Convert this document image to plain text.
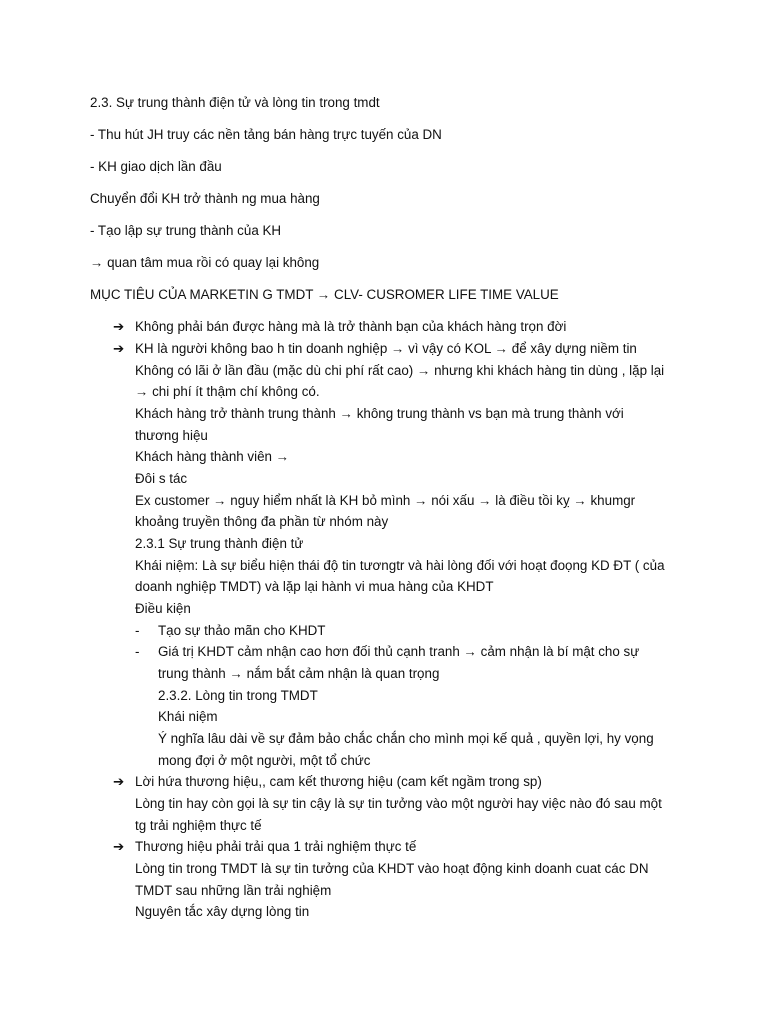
2.3. Sự trung thành điện tử và lòng tin trong tmdt
- Thu hút JH truy các nền tảng bán hàng trực tuyến của DN
- KH giao dịch lần đầu
Chuyển đổi KH trở thành ng mua hàng
- Tạo lập sự trung thành của KH
→ quan tâm mua rồi có quay lại không
MỤC TIÊU CỦA MARKETIN G TMDT → CLV- CUSROMER LIFE TIME VALUE
➔ Không phải bán được hàng mà là trở thành bạn của khách hàng trọn đời
➔ KH là người không bao h tin doanh nghiệp → vì vậy có KOL → để xây dựng niềm tin
Không có lãi ở lần đầu (mặc dù chi phí rất cao) → nhưng khi khách hàng tin dùng , lặp lại
→ chi phí ít thậm chí không có.
Khách hàng trở thành trung thành → không trung thành vs bạn mà trung thành với
thương hiệu
Khách hàng thành viên →
Đôi s tác
Ex customer → nguy hiểm nhất là KH bỏ mình → nói xấu → là điều tồi kỵ → khumgr
khoảng truyền thông đa phần từ nhóm này
2.3.1 Sự trung thành điện tử
Khái niệm: Là sự biểu hiện thái độ tin tươngtr và hài lòng đối với hoạt đoọng KD ĐT ( của
doanh nghiệp TMDT) và lặp lại hành vi mua hàng của KHDT
Điều kiện
- Tạo sự thảo mãn cho KHDT
- Giá trị KHDT cảm nhận cao hơn đối thủ cạnh tranh → cảm nhận là bí mật cho sự
trung thành → nắm bắt cảm nhận là quan trọng
2.3.2. Lòng tin trong TMDT
Khái niệm
Ý nghĩa lâu dài về sự đảm bảo chắc chắn cho mình mọi kế quả , quyền lợi, hy vọng
mong đợi ở một người, một tổ chức
➔ Lời hứa thương hiệu,, cam kết thương hiệu (cam kết ngầm trong sp)
Lòng tin hay còn gọi là sự tin cậy là sự tin tưởng vào một người hay việc nào đó sau một
tg trải nghiệm thực tế
➔ Thương hiệu phải trải qua 1 trải nghiệm thực tế
Lòng tin trong TMDT là sự tin tưởng của KHDT vào hoạt động kinh doanh cuat các DN
TMDT sau những lần trải nghiệm
Nguyên tắc xây dựng lòng tin
